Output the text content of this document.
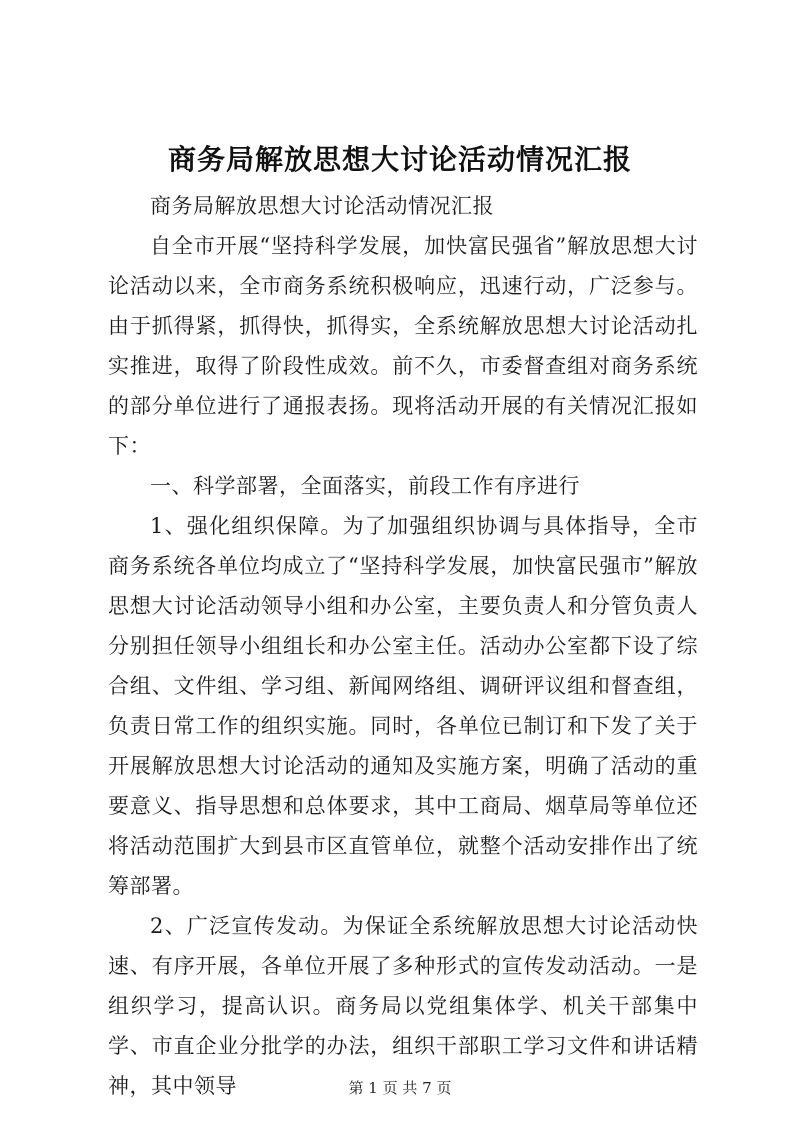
商务局解放思想大讨论活动情况汇报

商务局解放思想大讨论活动情况汇报

自全市开展“坚持科学发展，加快富民强省”解放思想大讨论活动以来，全市商务系统积极响应，迅速行动，广泛参与。由于抓得紧，抓得快，抓得实，全系统解放思想大讨论活动扎实推进，取得了阶段性成效。前不久，市委督查组对商务系统的部分单位进行了通报表扬。现将活动开展的有关情况汇报如下：

一、科学部署，全面落实，前段工作有序进行

1、强化组织保障。为了加强组织协调与具体指导，全市商务系统各单位均成立了“坚持科学发展，加快富民强市”解放思想大讨论活动领导小组和办公室，主要负责人和分管负责人分别担任领导小组组长和办公室主任。活动办公室都下设了综合组、文件组、学习组、新闻网络组、调研评议组和督查组，负责日常工作的组织实施。同时，各单位已制订和下发了关于开展解放思想大讨论活动的通知及实施方案，明确了活动的重要意义、指导思想和总体要求，其中工商局、烟草局等单位还将活动范围扩大到县市区直管单位，就整个活动安排作出了统筹部署。

2、广泛宣传发动。为保证全系统解放思想大讨论活动快速、有序开展，各单位开展了多种形式的宣传发动活动。一是组织学习，提高认识。商务局以党组集体学、机关干部集中学、市直企业分批学的办法，组织干部职工学习文件和讲话精神，其中领导	第 1 页 共 7 页
